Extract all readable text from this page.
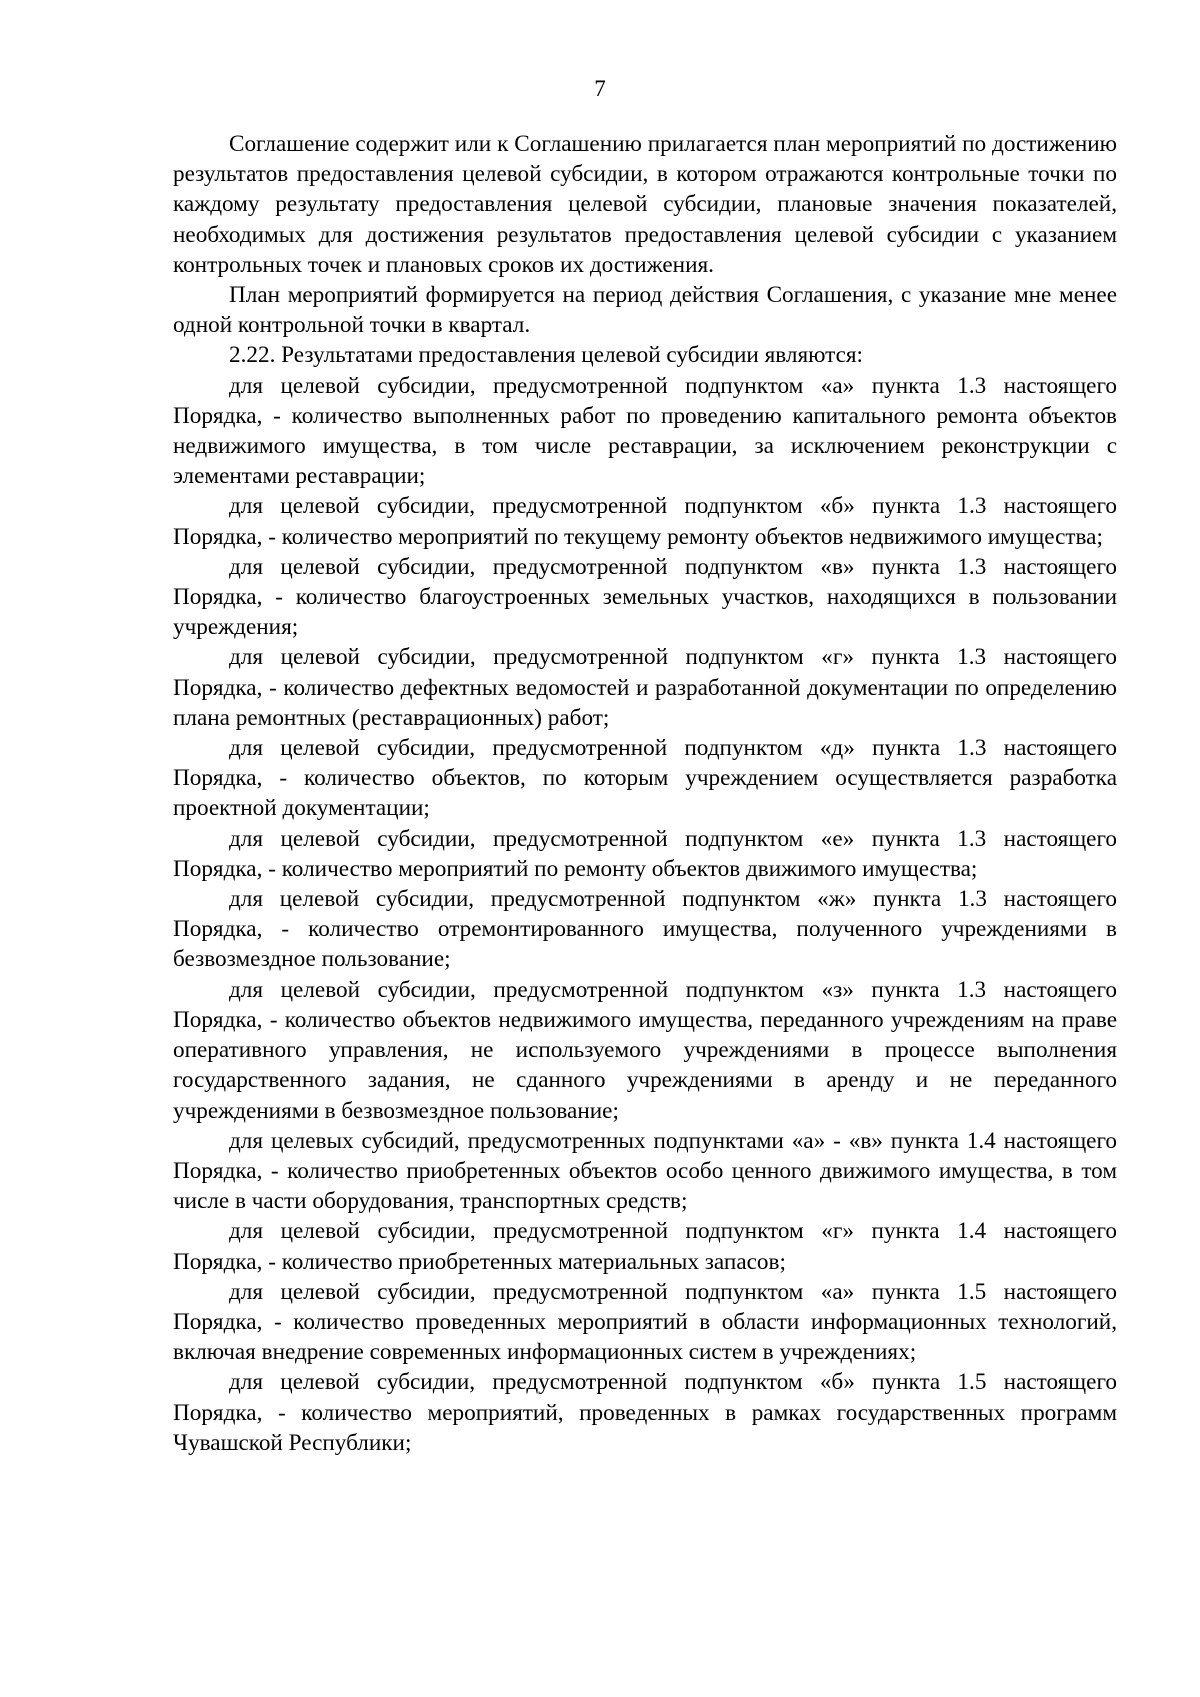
7

Соглашение содержит или к Соглашению прилагается план мероприятий по достижению результатов предоставления целевой субсидии, в котором отражаются контрольные точки по каждому результату предоставления целевой субсидии, плановые значения показателей, необходимых для достижения результатов предоставления целевой субсидии с указанием контрольных точек и плановых сроков их достижения.

План мероприятий формируется на период действия Соглашения, с указание мне менее одной контрольной точки в квартал.

2.22. Результатами предоставления целевой субсидии являются:

для целевой субсидии, предусмотренной подпунктом «а» пункта 1.3 настоящего Порядка, - количество выполненных работ по проведению капитального ремонта объектов недвижимого имущества, в том числе реставрации, за исключением реконструкции с элементами реставрации;

для целевой субсидии, предусмотренной подпунктом «б» пункта 1.3 настоящего Порядка, - количество мероприятий по текущему ремонту объектов недвижимого имущества;

для целевой субсидии, предусмотренной подпунктом «в» пункта 1.3 настоящего Порядка, - количество благоустроенных земельных участков, находящихся в пользовании учреждения;

для целевой субсидии, предусмотренной подпунктом «г» пункта 1.3 настоящего Порядка, - количество дефектных ведомостей и разработанной документации по определению плана ремонтных (реставрационных) работ;

для целевой субсидии, предусмотренной подпунктом «д» пункта 1.3 настоящего Порядка, - количество объектов, по которым учреждением осуществляется разработка проектной документации;

для целевой субсидии, предусмотренной подпунктом «е» пункта 1.3 настоящего Порядка, - количество мероприятий по ремонту объектов движимого имущества;

для целевой субсидии, предусмотренной подпунктом «ж» пункта 1.3 настоящего Порядка, - количество отремонтированного имущества, полученного учреждениями в безвозмездное пользование;

для целевой субсидии, предусмотренной подпунктом «з» пункта 1.3 настоящего Порядка, - количество объектов недвижимого имущества, переданного учреждениям на праве оперативного управления, не используемого учреждениями в процессе выполнения государственного задания, не сданного учреждениями в аренду и не переданного учреждениями в безвозмездное пользование;

для целевых субсидий, предусмотренных подпунктами «а» - «в» пункта 1.4 настоящего Порядка, - количество приобретенных объектов особо ценного движимого имущества, в том числе в части оборудования, транспортных средств;

для целевой субсидии, предусмотренной подпунктом «г» пункта 1.4 настоящего Порядка, - количество приобретенных материальных запасов;

для целевой субсидии, предусмотренной подпунктом «а» пункта 1.5 настоящего Порядка, - количество проведенных мероприятий в области информационных технологий, включая внедрение современных информационных систем в учреждениях;

для целевой субсидии, предусмотренной подпунктом «б» пункта 1.5 настоящего Порядка, - количество мероприятий, проведенных в рамках государственных программ Чувашской Республики;
